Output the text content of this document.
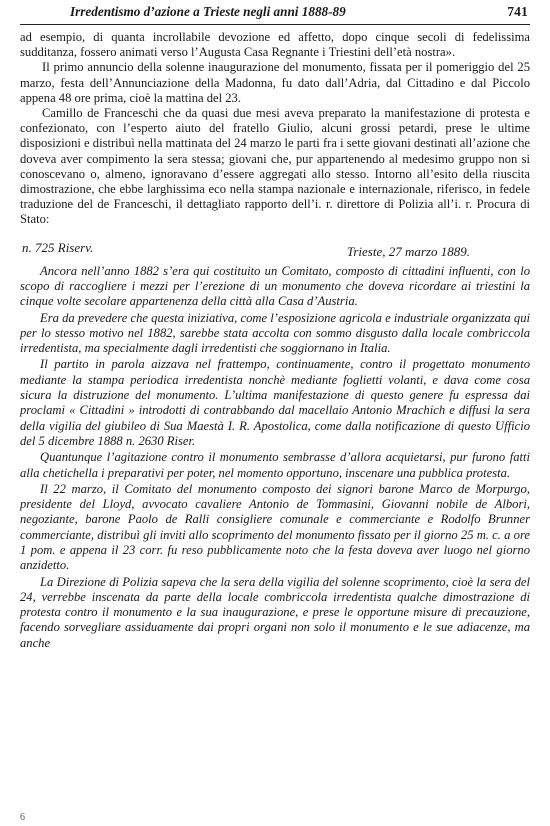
Irredentismo d’azione a Trieste negli anni 1888-89	741

ad esempio, di quanta incrollabile devozione ed affetto, dopo cinque secoli di fedelissima sudditanza, fossero animati verso l’Augusta Casa Regnante i Triestini dell’età nostra».

Il primo annuncio della solenne inaugurazione del monumento, fissata per il pomeriggio del 25 marzo, festa dell’Annunciazione della Madonna, fu dato dall’Adria, dal Cittadino e dal Piccolo appena 48 ore prima, cioè la mattina del 23.

Camillo de Franceschi che da quasi due mesi aveva preparato la manifestazione di protesta e confezionato, con l’esperto aiuto del fratello Giulio, alcuni grossi petardi, prese le ultime disposizioni e distribuì nella mattinata del 24 marzo le parti fra i sette giovani destinati all’azione che doveva aver compimento la sera stessa; giovani che, pur appartenendo al medesimo gruppo non si conoscevano o, almeno, ignoravano d’essere aggregati allo stesso. Intorno all’esito della riuscita dimostrazione, che ebbe larghissima eco nella stampa nazionale e internazionale, riferisco, in fedele traduzione del de Franceschi, il dettagliato rapporto dell’i. r. direttore di Polizia all’i. r. Procura di Stato:

n. 725 Riserv.	Trieste, 27 marzo 1889.

Ancora nell’anno 1882 s’era qui costituito un Comitato, composto di cittadini influenti, con lo scopo di raccogliere i mezzi per l’erezione di un monumento che doveva ricordare ai triestini la cinque volte secolare appartenenza della città alla Casa d’Austria.

Era da prevedere che questa iniziativa, come l’esposizione agricola e industriale organizzata qui per lo stesso motivo nel 1882, sarebbe stata accolta con sommo disgusto dalla locale combriccola irredentista, ma specialmente dagli irredentisti che soggiornano in Italia.

Il partito in parola aizzava nel frattempo, continuamente, contro il progettato monumento mediante la stampa periodica irredentista nonchè mediante foglietti volanti, e dava come cosa sicura la distruzione del monumento. L’ultima manifestazione di questo genere fu espressa dai proclami « Cittadini » introdotti di contrabbando dal macellaio Antonio Mrachich e diffusi la sera della vigilia del giubileo di Sua Maestà I. R. Apostolica, come dalla notificazione di questo Ufficio del 5 dicembre 1888 n. 2630 Riser.

Quantunque l’agitazione contro il monumento sembrasse d’allora acquietarsi, pur furono fatti alla chetichella i preparativi per poter, nel momento opportuno, inscenare una pubblica protesta.

Il 22 marzo, il Comitato del monumento composto dei signori barone Marco de Morpurgo, presidente del Lloyd, avvocato cavaliere Antonio de Tommasini, Giovanni nobile de Albori, negoziante, barone Paolo de Ralli consigliere comunale e commerciante e Rodolfo Brunner commerciante, distribuì gli inviti allo scoprimento del monumento fissato per il giorno 25 m. c. a ore 1 pom. e appena il 23 corr. fu reso pubblicamente noto che la festa doveva aver luogo nel giorno anzidetto.

La Direzione di Polizia sapeva che la sera della vigilia del solenne scoprimento, cioè la sera del 24, verrebbe inscenata da parte della locale combriccola irredentista qualche dimostrazione di protesta contro il monumento e la sua inaugurazione, e prese le opportune misure di precauzione, facendo sorvegliare assiduamente dai propri organi non solo il monumento e le sue adiacenze, ma anche

6
